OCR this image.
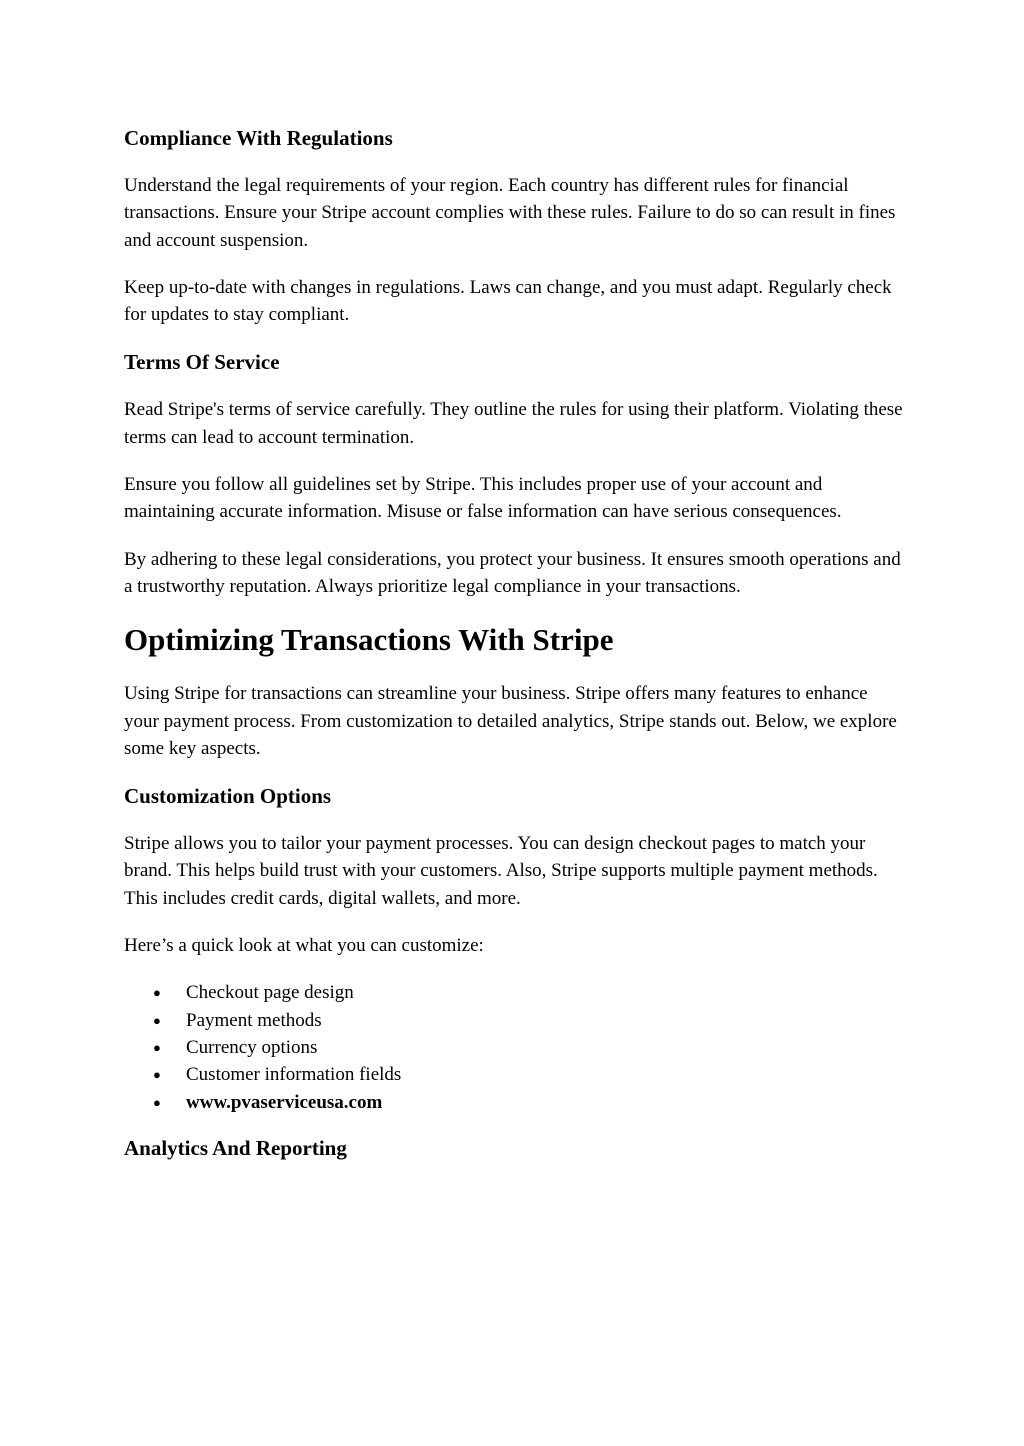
Compliance With Regulations

Understand the legal requirements of your region. Each country has different rules for financial transactions. Ensure your Stripe account complies with these rules. Failure to do so can result in fines and account suspension.

Keep up-to-date with changes in regulations. Laws can change, and you must adapt. Regularly check for updates to stay compliant.

Terms Of Service

Read Stripe's terms of service carefully. They outline the rules for using their platform. Violating these terms can lead to account termination.

Ensure you follow all guidelines set by Stripe. This includes proper use of your account and maintaining accurate information. Misuse or false information can have serious consequences.

By adhering to these legal considerations, you protect your business. It ensures smooth operations and a trustworthy reputation. Always prioritize legal compliance in your transactions.

Optimizing Transactions With Stripe

Using Stripe for transactions can streamline your business. Stripe offers many features to enhance your payment process. From customization to detailed analytics, Stripe stands out. Below, we explore some key aspects.

Customization Options

Stripe allows you to tailor your payment processes. You can design checkout pages to match your brand. This helps build trust with your customers. Also, Stripe supports multiple payment methods. This includes credit cards, digital wallets, and more.

Here’s a quick look at what you can customize:

● Checkout page design
● Payment methods
● Currency options
● Customer information fields
● www.pvaserviceusa.com
Analytics And Reporting
